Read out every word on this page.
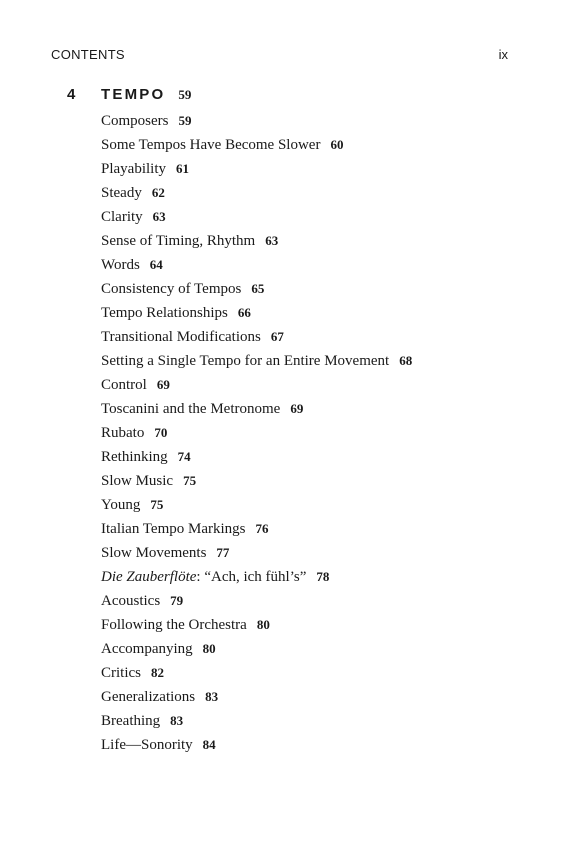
CONTENTS	ix
4	TEMPO 59
Composers 59
Some Tempos Have Become Slower 60
Playability 61
Steady 62
Clarity 63
Sense of Timing, Rhythm 63
Words 64
Consistency of Tempos 65
Tempo Relationships 66
Transitional Modifications 67
Setting a Single Tempo for an Entire Movement 68
Control 69
Toscanini and the Metronome 69
Rubato 70
Rethinking 74
Slow Music 75
Young 75
Italian Tempo Markings 76
Slow Movements 77
Die Zauberflöte: “Ach, ich fühl’s” 78
Acoustics 79
Following the Orchestra 80
Accompanying 80
Critics 82
Generalizations 83
Breathing 83
Life—Sonority 84
